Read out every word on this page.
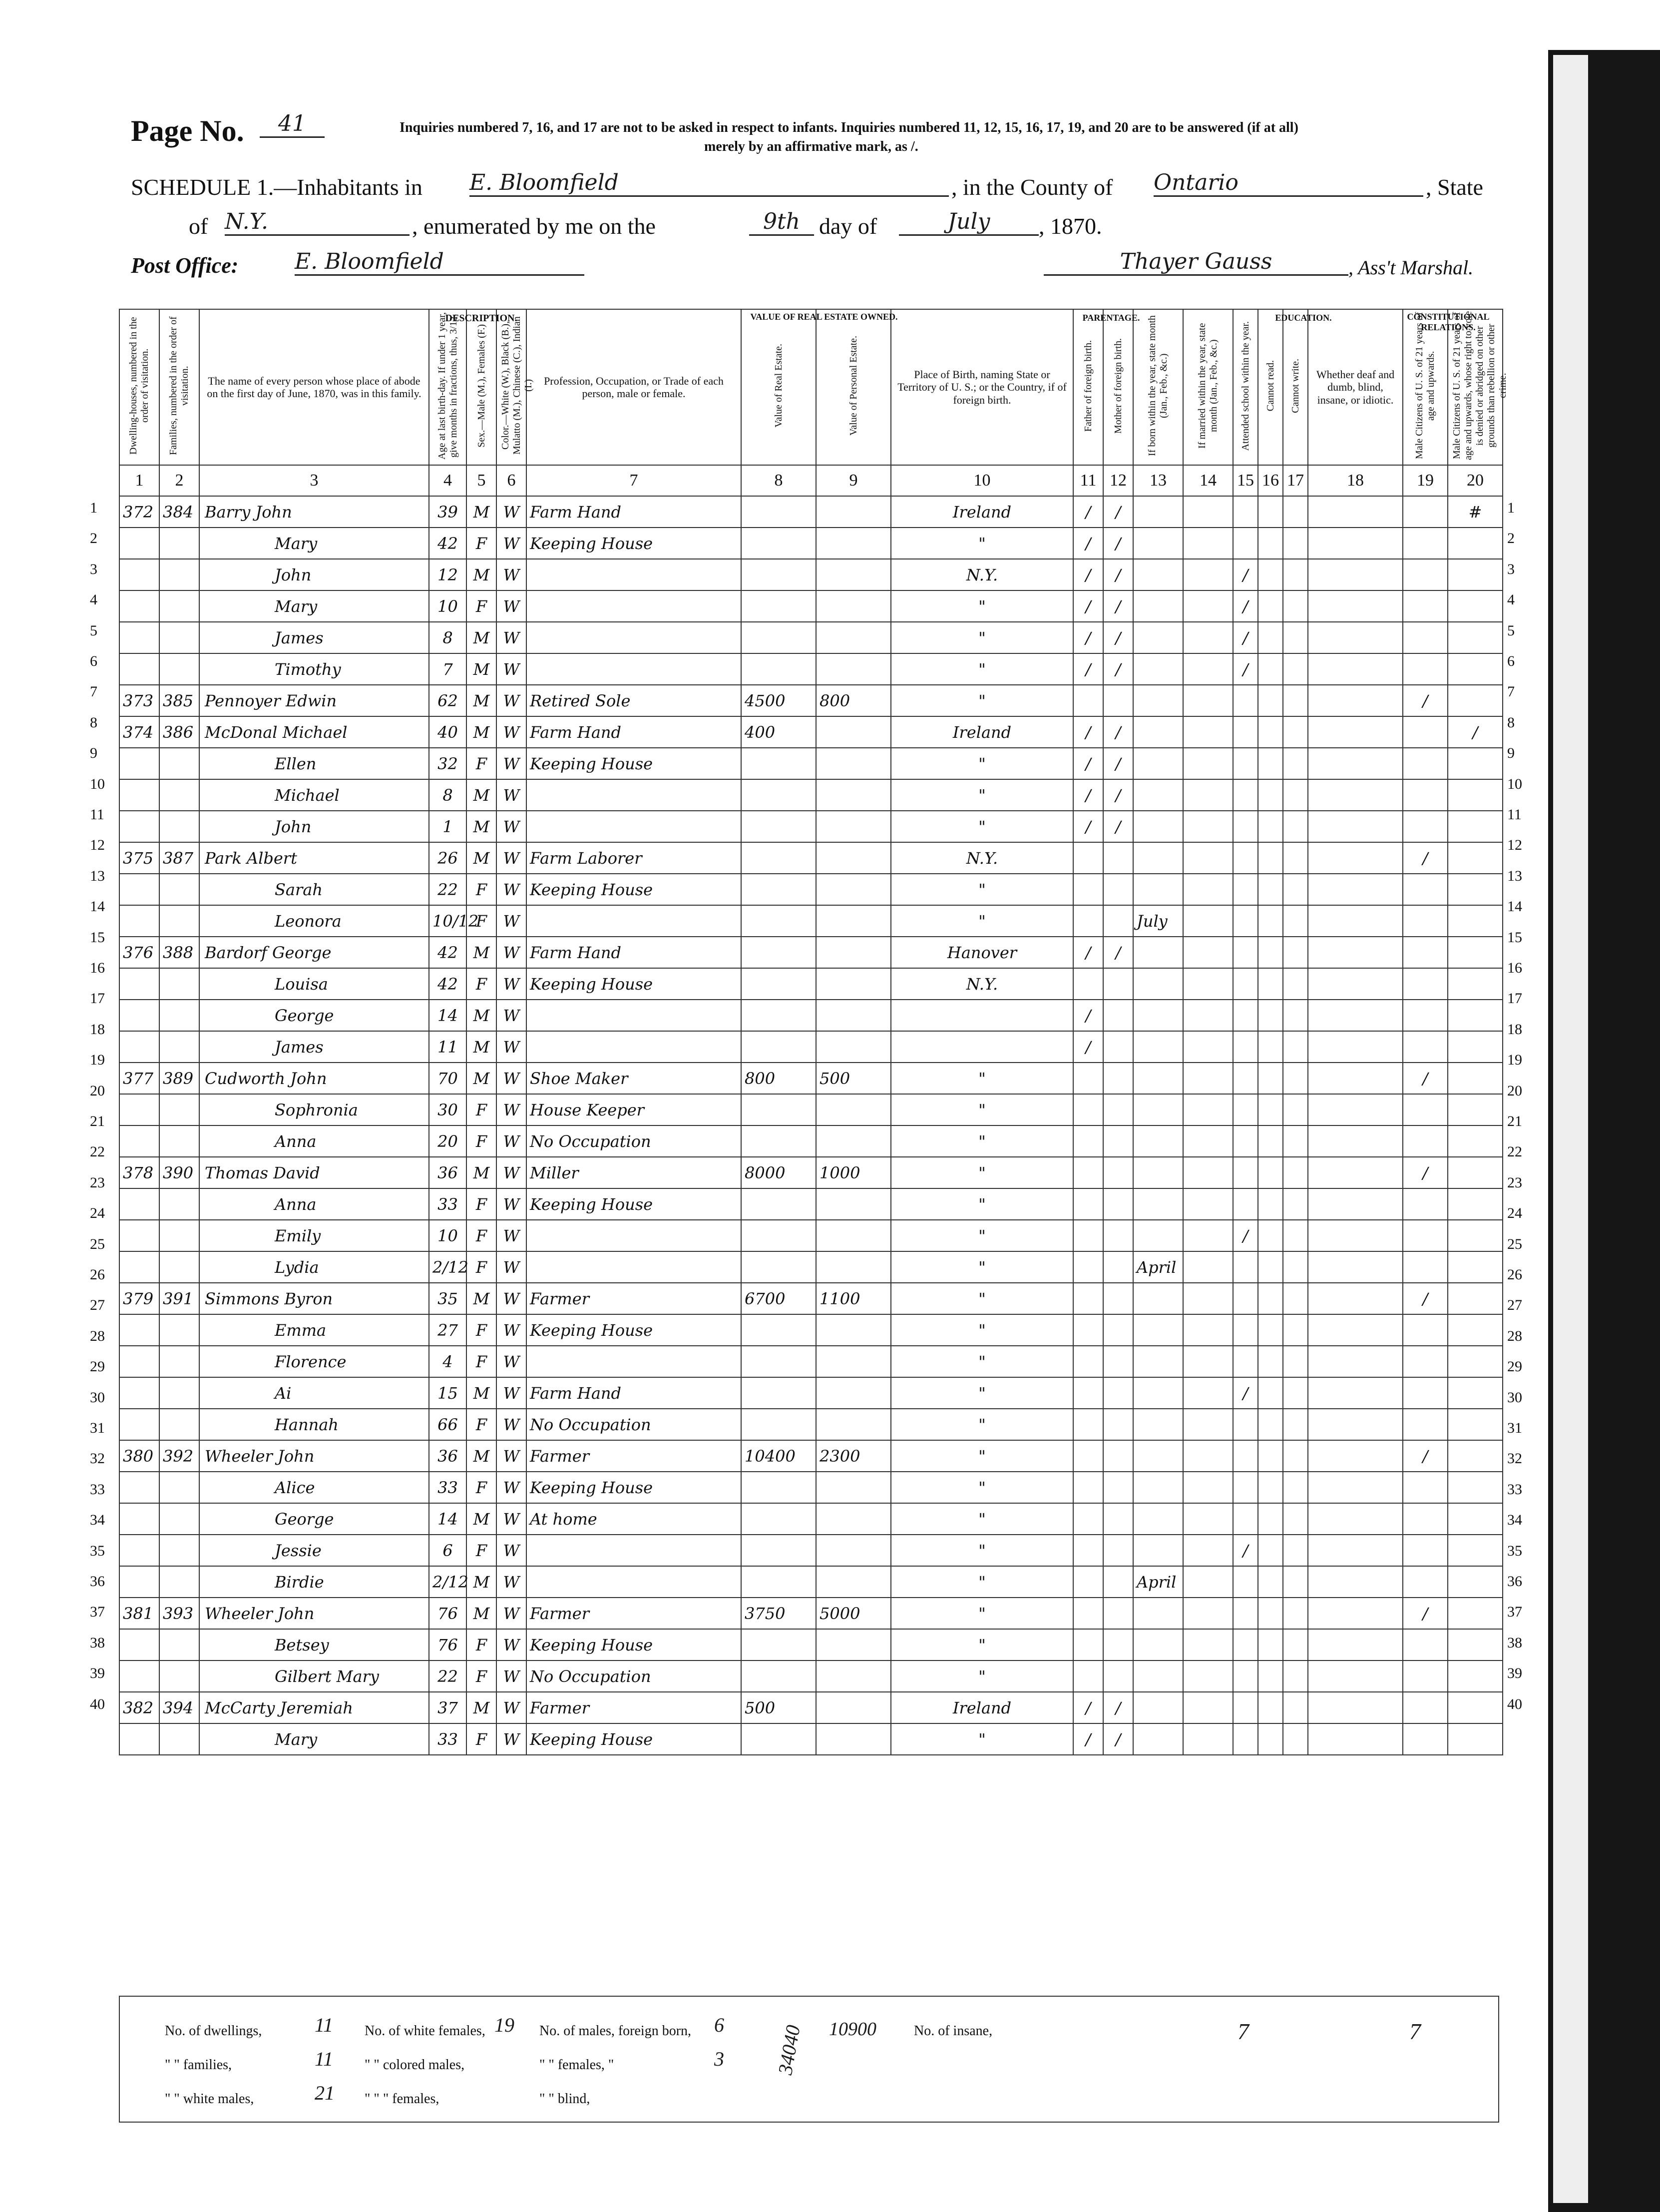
Page No.	41	Inquiries numbered 7, 16, and 17 are not to be asked in respect to infants. Inquiries numbered 11, 12, 15, 16, 17, 19, and 20 are to be answered (if at all)
merely by an affirmative mark, as /.
SCHEDULE 1.—Inhabitants in E. Bloomfield	, in the County of Ontario	, State
of N.Y.	, enumerated by me on the	9th day of	July	, 1870.
Post Office:	E. Bloomfield	Thayer Gauss	, Ass't Marshal.
Dwelling-houses, numbered in the order of visitation.	Families, numbered in the order of visitation.	The name of every person whose place of abode on the first day of June, 1870, was in this family.	Age at last birth-day. If under 1 year, give months in fractions, thus, 3/12.	Sex.—Male (M.), Females (F.)	Color.—White (W.), Black (B.), Mulatto (M.), Chinese (C.), Indian (I.)	Profession, Occupation, or Trade of each person, male or female.	Value of Real Estate.	Value of Personal Estate.	Place of Birth, naming State or Territory of U. S.; or the Country, if of foreign birth.	Father of foreign birth.	Mother of foreign birth.	If born within the year, state month (Jan., Feb., &c.)	If married within the year, state month (Jan., Feb., &c.)	Attended school within the year.	Cannot read.	Cannot write.	Whether deaf and dumb, blind, insane, or idiotic.	Male Citizens of U. S. of 21 years of age and upwards.	Male Citizens of U. S. of 21 years of age and upwards, whose right to vote is denied or abridged on other grounds than rebellion or other crime.
1	2	3	4	5	6	7	8	9	10	11	12	13	14	15	16	17	18	19	20
372	384	Barry John	39	M	W	Farm Hand			Ireland	/	/								#
		Mary	42	F	W	Keeping House			"	/	/								
		John	12	M	W				N.Y.	/	/			/					
		Mary	10	F	W				"	/	/			/					
		James	8	M	W				"	/	/			/					
		Timothy	7	M	W				"	/	/			/					
373	385	Pennoyer Edwin	62	M	W	Retired Sole	4500	800	"									/	
374	386	McDonal Michael	40	M	W	Farm Hand	400		Ireland	/	/								/
		Ellen	32	F	W	Keeping House			"	/	/								
		Michael	8	M	W				"	/	/								
		John	1	M	W				"	/	/								
375	387	Park Albert	26	M	W	Farm Laborer			N.Y.									/	
		Sarah	22	F	W	Keeping House			"										
		Leonora	10/12	F	W				"			July							
376	388	Bardorf George	42	M	W	Farm Hand			Hanover	/	/								
		Louisa	42	F	W	Keeping House			N.Y.										
		George	14	M	W					/									
		James	11	M	W					/									
377	389	Cudworth John	70	M	W	Shoe Maker	800	500	"									/	
		Sophronia	30	F	W	House Keeper			"										
		Anna	20	F	W	No Occupation			"										
378	390	Thomas David	36	M	W	Miller	8000	1000	"									/	
		Anna	33	F	W	Keeping House			"										
		Emily	10	F	W				"					/					
		Lydia	2/12	F	W				"			April							
379	391	Simmons Byron	35	M	W	Farmer	6700	1100	"									/	
		Emma	27	F	W	Keeping House			"										
		Florence	4	F	W				"										
		Ai	15	M	W	Farm Hand			"					/					
		Hannah	66	F	W	No Occupation			"										
380	392	Wheeler John	36	M	W	Farmer	10400	2300	"									/	
		Alice	33	F	W	Keeping House			"										
		George	14	M	W	At home			"										
		Jessie	6	F	W				"					/					
		Birdie	2/12	M	W				"			April							
381	393	Wheeler John	76	M	W	Farmer	3750	5000	"									/	
		Betsey	76	F	W	Keeping House			"										
		Gilbert Mary	22	F	W	No Occupation			"										
382	394	McCarty Jeremiah	37	M	W	Farmer	500		Ireland	/	/								
		Mary	33	F	W	Keeping House			"	/	/								
DESCRIPTION.	VALUE OF REAL ESTATE OWNED.	PARENTAGE.	EDUCATION.	CONSTITUTIONAL RELATIONS.
No. of dwellings,	11 No. of white females, 19 No. of males, foreign born, 6
" " families,	11 " " colored males,	" " females, "	3
" " white males,	21 " " " females,	" " blind,
34040 10900	No. of insane,	7	7
1
2
3
4
5
6
7
8
9
10
11
12
13
14
15
16
17
18
19
20
21
22
23
24
25
26
27
28
29
30
31
32
33
34
35
36
37
38
39
40
1
2
3
4
5
6
7
8
9
10
11
12
13
14
15
16
17
18
19
20
21
22
23
24
25
26
27
28
29
30
31
32
33
34
35
36
37
38
39
40
